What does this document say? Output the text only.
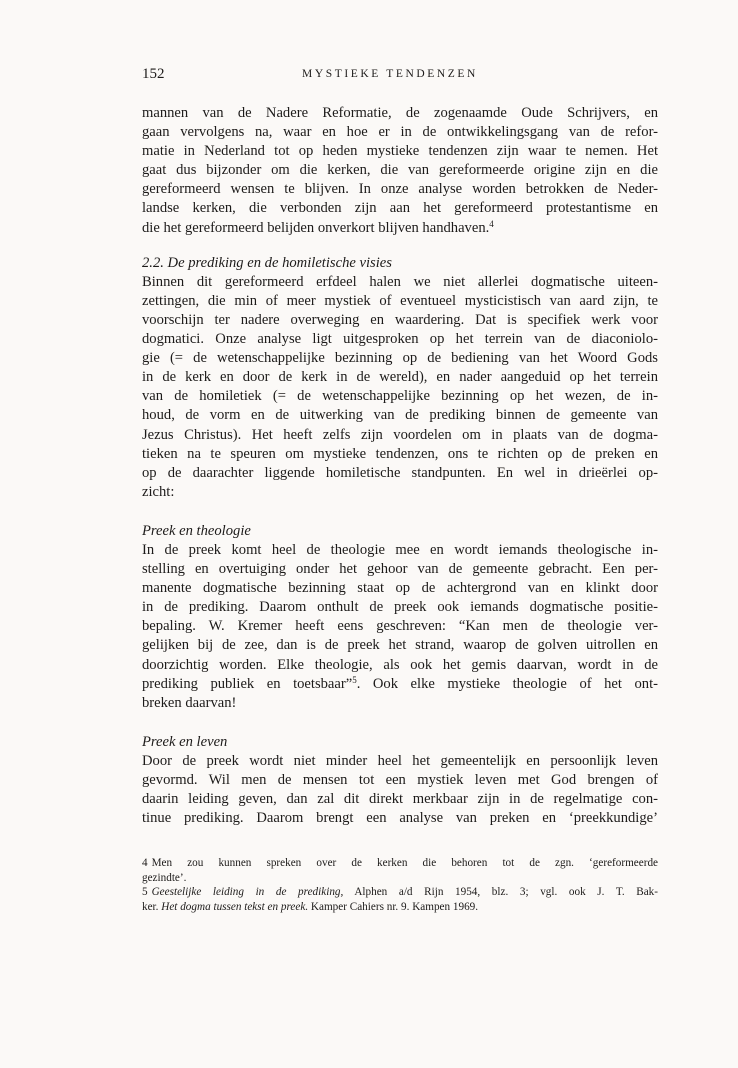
152	MYSTIEKE TENDENZEN
mannen van de Nadere Reformatie, de zogenaamde Oude Schrijvers, en
gaan vervolgens na, waar en hoe er in de ontwikkelingsgang van de refor-
matie in Nederland tot op heden mystieke tendenzen zijn waar te nemen. Het
gaat dus bijzonder om die kerken, die van gereformeerde origine zijn en die
gereformeerd wensen te blijven. In onze analyse worden betrokken de Neder-
landse kerken, die verbonden zijn aan het gereformeerd protestantisme en
die het gereformeerd belijden onverkort blijven handhaven.$^4$
2.2. De prediking en de homiletische visies
Binnen dit gereformeerd erfdeel halen we niet allerlei dogmatische uiteen-
zettingen, die min of meer mystiek of eventueel mysticistisch van aard zijn, te
voorschijn ter nadere overweging en waardering. Dat is specifiek werk voor
dogmatici. Onze analyse ligt uitgesproken op het terrein van de diaconiolo-
gie (= de wetenschappelijke bezinning op de bediening van het Woord Gods
in de kerk en door de kerk in de wereld), en nader aangeduid op het terrein
van de homiletiek (= de wetenschappelijke bezinning op het wezen, de in-
houd, de vorm en de uitwerking van de prediking binnen de gemeente van
Jezus Christus). Het heeft zelfs zijn voordelen om in plaats van de dogma-
tieken na te speuren om mystieke tendenzen, ons te richten op de preken en
op de daarachter liggende homiletische standpunten. En wel in drieërlei op-
zicht:
Preek en theologie
In de preek komt heel de theologie mee en wordt iemands theologische in-
stelling en overtuiging onder het gehoor van de gemeente gebracht. Een per-
manente dogmatische bezinning staat op de achtergrond van en klinkt door
in de prediking. Daarom onthult de preek ook iemands dogmatische positie-
bepaling. W. Kremer heeft eens geschreven: “Kan men de theologie ver-
gelijken bij de zee, dan is de preek het strand, waarop de golven uitrollen en
doorzichtig worden. Elke theologie, als ook het gemis daarvan, wordt in de
prediking publiek en toetsbaar”$^5$. Ook elke mystieke theologie of het ont-
breken daarvan!
Preek en leven
Door de preek wordt niet minder heel het gemeentelijk en persoonlijk leven
gevormd. Wil men de mensen tot een mystiek leven met God brengen of
daarin leiding geven, dan zal dit direkt merkbaar zijn in de regelmatige con-
tinue prediking. Daarom brengt een analyse van preken en ‘preekkundige’
4 Men zou kunnen spreken over de kerken die behoren tot de zgn. ‘gereformeerde
gezindte’.
5 Geestelijke leiding in de prediking, Alphen a/d Rijn 1954, blz. 3; vgl. ook J. T. Bak-
ker. Het dogma tussen tekst en preek. Kamper Cahiers nr. 9. Kampen 1969.
